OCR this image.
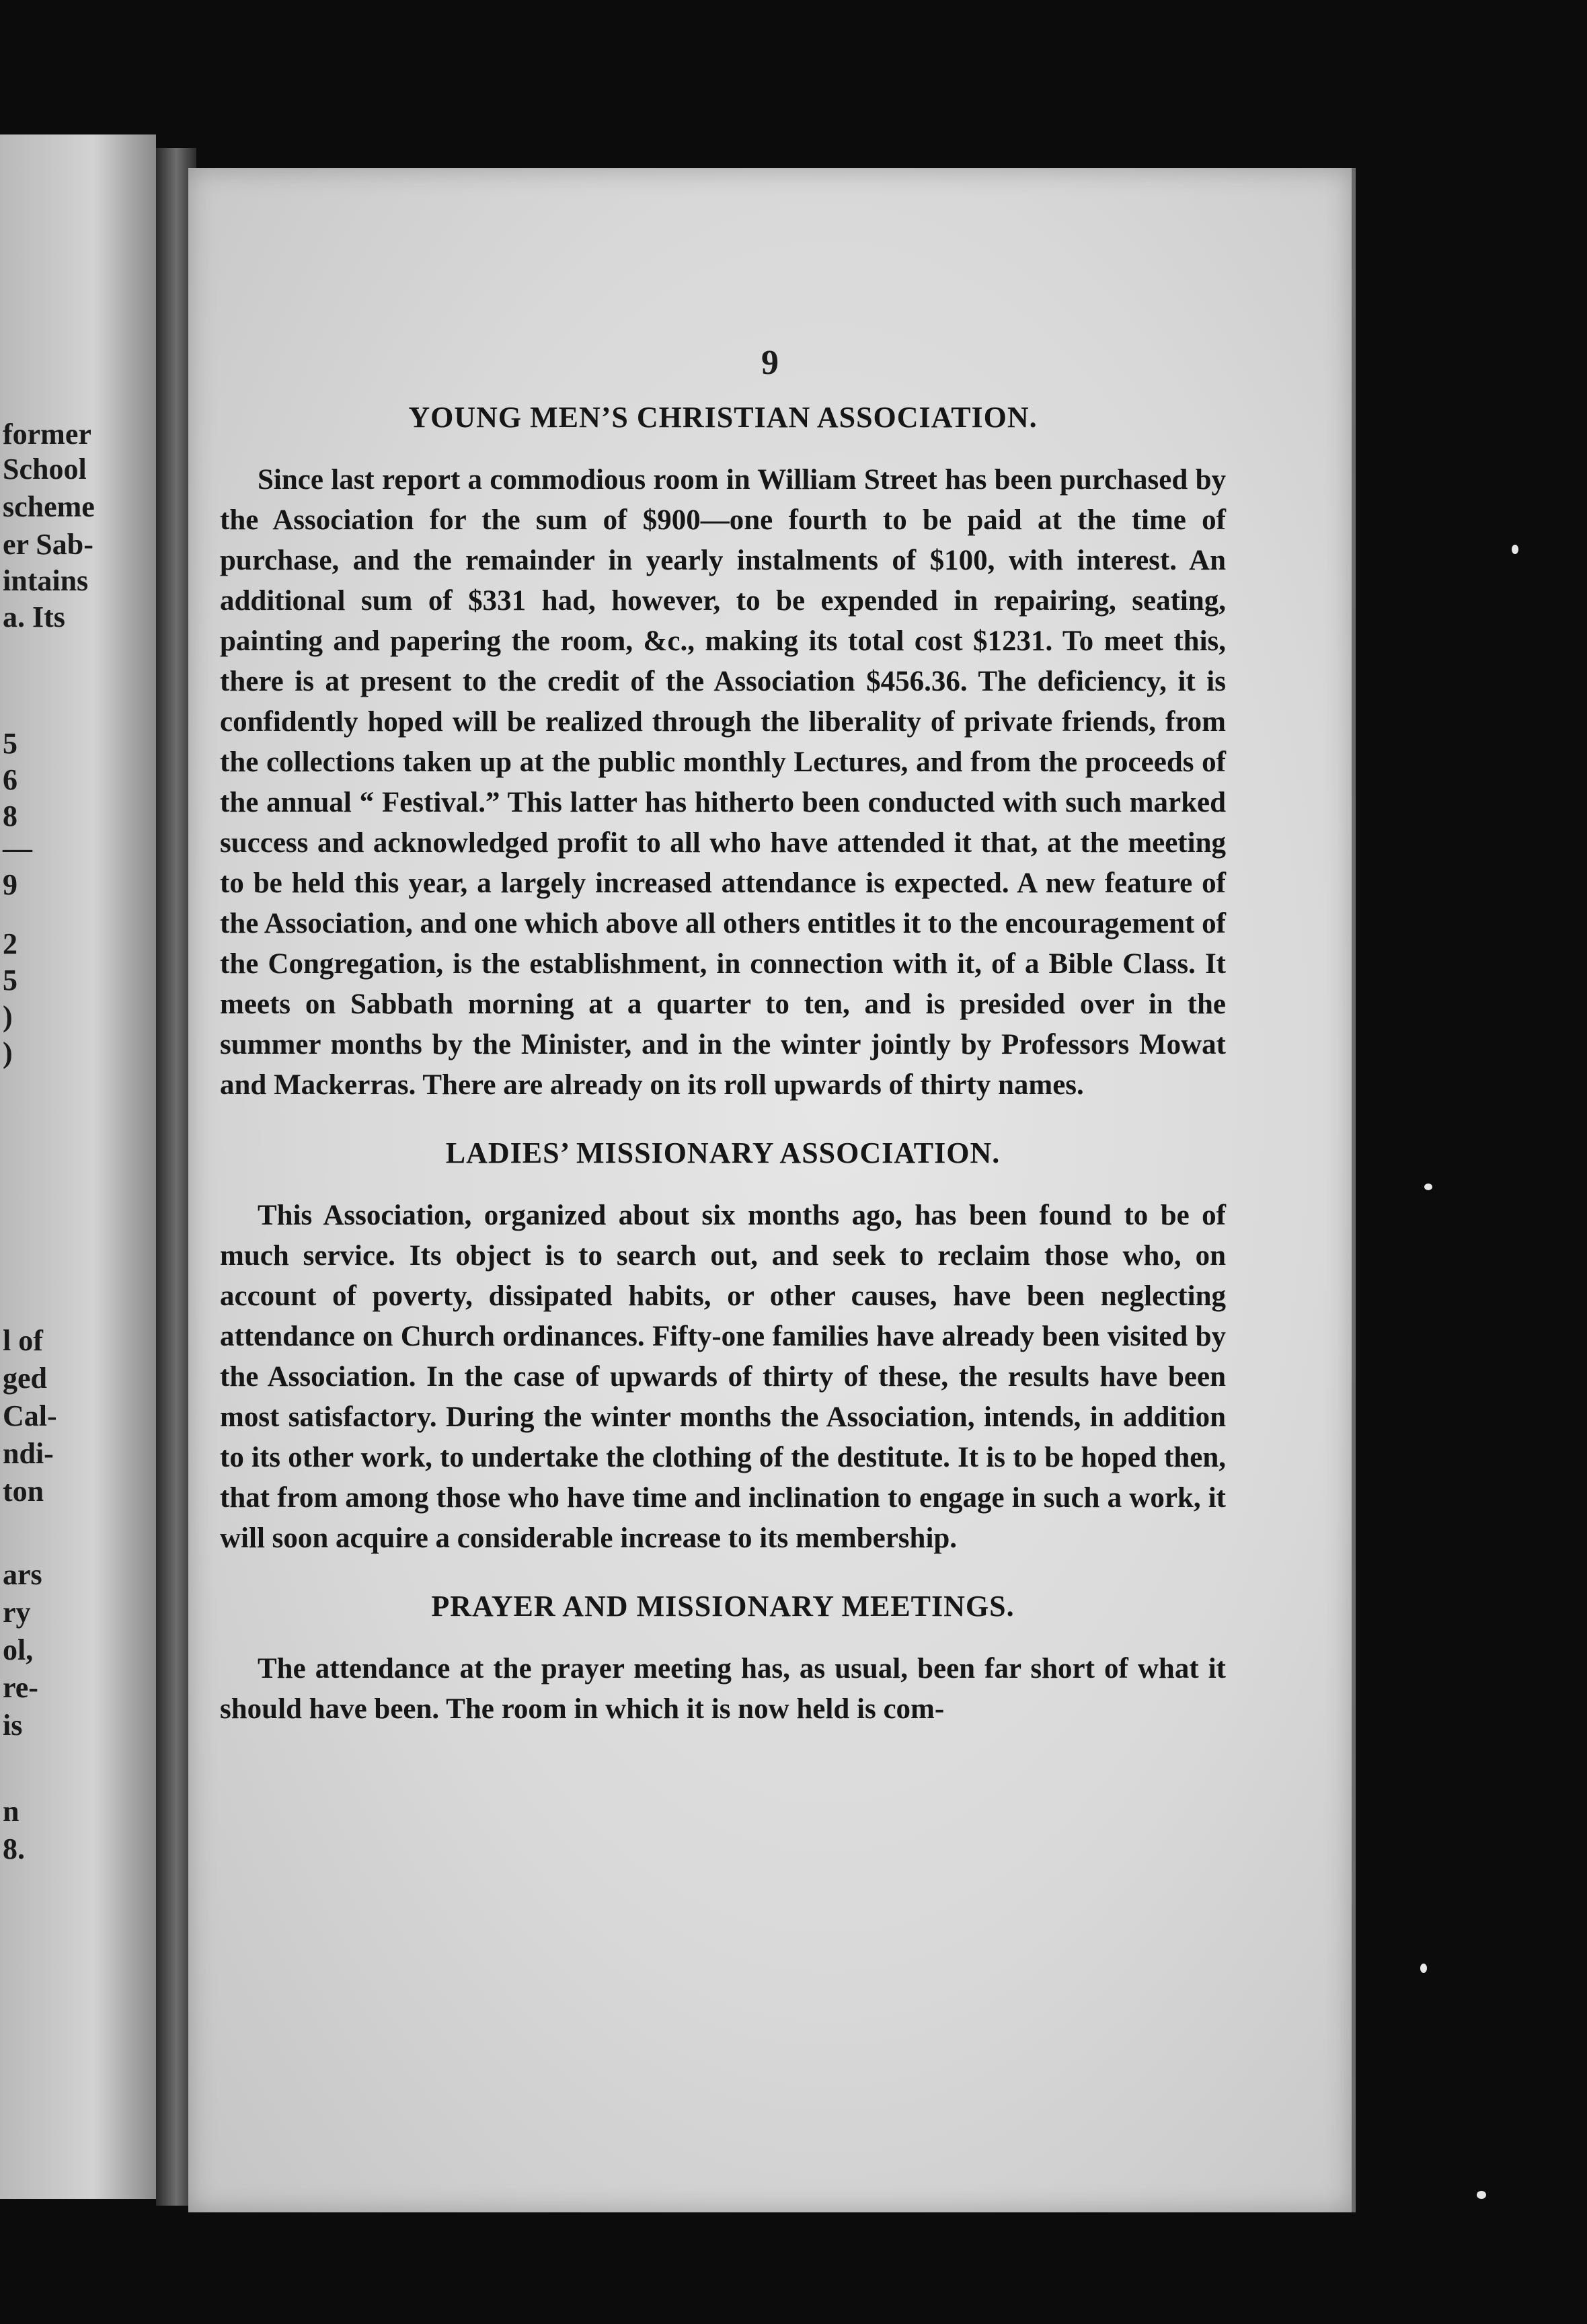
former
School
scheme
er Sab-
intains
a. Its
5
6
8
—
9
2
5
)
)
l of
ged
Cal-
ndi-
ton
ars
ry
ol,
re-
is
n
8.
9
YOUNG MEN’S CHRISTIAN ASSOCIATION.

Since last report a commodious room in William Street has been purchased by the Association for the sum of $900—one fourth to be paid at the time of purchase, and the remainder in yearly instalments of $100, with interest. An additional sum of $331 had, however, to be expended in repairing, seating, painting and papering the room, &c., making its total cost $1231. To meet this, there is at present to the credit of the Association $456.36. The deficiency, it is confidently hoped will be realized through the liberality of private friends, from the collections taken up at the public monthly Lectures, and from the proceeds of the annual “ Festival.” This latter has hitherto been conducted with such marked success and acknowledged profit to all who have attended it that, at the meeting to be held this year, a largely increased attendance is expected. A new feature of the Association, and one which above all others entitles it to the encouragement of the Congregation, is the establishment, in connection with it, of a Bible Class. It meets on Sabbath morning at a quarter to ten, and is presided over in the summer months by the Minister, and in the winter jointly by Professors Mowat and Mackerras. There are already on its roll upwards of thirty names.

LADIES’ MISSIONARY ASSOCIATION.

This Association, organized about six months ago, has been found to be of much service. Its object is to search out, and seek to reclaim those who, on account of poverty, dissipated habits, or other causes, have been neglecting attendance on Church ordinances. Fifty-one families have already been visited by the Association. In the case of upwards of thirty of these, the results have been most satisfactory. During the winter months the Association, intends, in addition to its other work, to undertake the clothing of the destitute. It is to be hoped then, that from among those who have time and inclination to engage in such a work, it will soon acquire a considerable increase to its membership.

PRAYER AND MISSIONARY MEETINGS.

The attendance at the prayer meeting has, as usual, been far short of what it should have been. The room in which it is now held is com-
